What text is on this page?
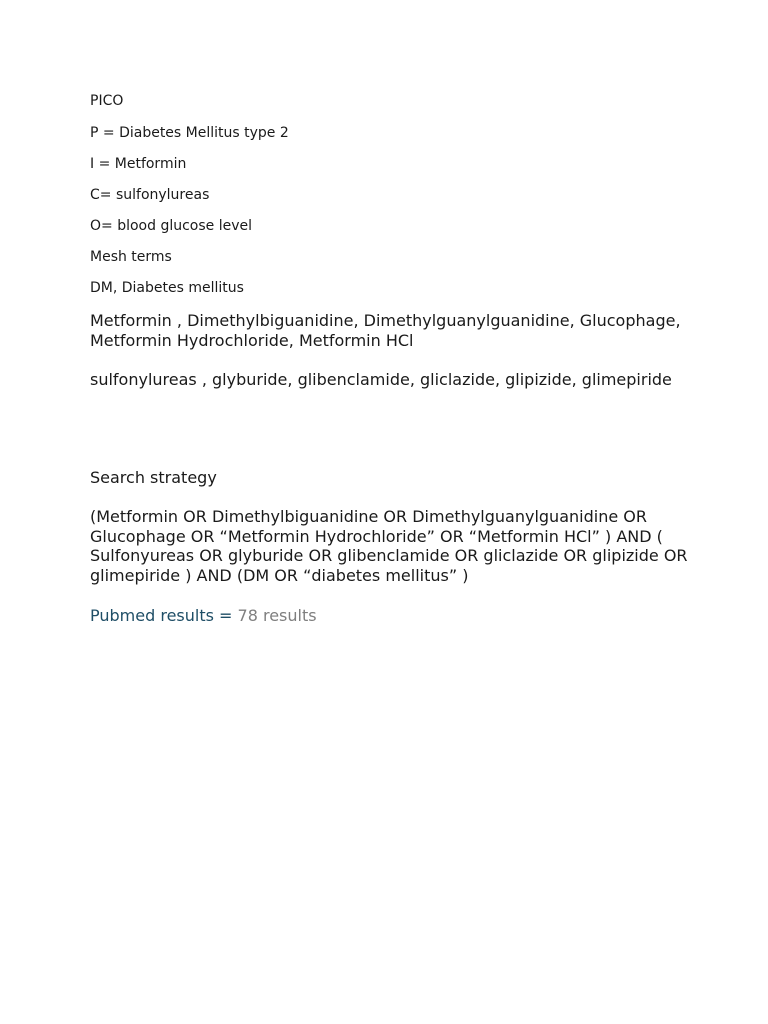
PICO
P = Diabetes Mellitus type 2
I = Metformin
C= sulfonylureas
O= blood glucose level
Mesh terms
DM, Diabetes mellitus
Metformin , Dimethylbiguanidine, Dimethylguanylguanidine, Glucophage, Metformin Hydrochloride, Metformin HCl
sulfonylureas , glyburide, glibenclamide, gliclazide, glipizide, glimepiride
Search strategy
(Metformin OR Dimethylbiguanidine OR Dimethylguanylguanidine OR Glucophage OR “Metformin Hydrochloride” OR “Metformin HCl” ) AND ( Sulfonyureas OR glyburide OR glibenclamide OR gliclazide OR glipizide OR glimepiride ) AND (DM OR “diabetes mellitus” )
Pubmed results = 78 results
